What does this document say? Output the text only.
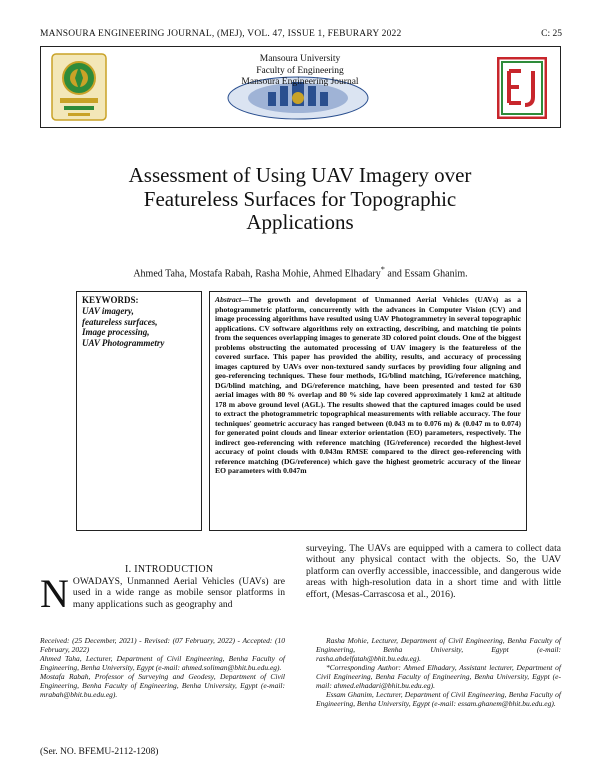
MANSOURA ENGINEERING JOURNAL, (MEJ), VOL. 47, ISSUE 1, FEBURARY 2022	C: 25
Mansoura University
Faculty of Engineering
Mansoura Engineering Journal
Assessment of Using UAV Imagery over
Featureless Surfaces for Topographic
Applications
Ahmed Taha, Mostafa Rabah, Rasha Mohie, Ahmed Elhadary* and Essam Ghanim.
KEYWORDS:
UAV imagery,
featureless surfaces,
Image processing,
UAV Photogrammetry
Abstract—The growth and development of Unmanned Aerial Vehicles (UAVs) as a photogrammetric platform, concurrently with the advances in Computer Vision (CV) and image processing algorithms have resulted using UAV Photogrammetry in several topographic applications. CV software algorithms rely on extracting, describing, and matching tie points from the sequences overlapping images to generate 3D colored point clouds. One of the biggest problems obstructing the automated processing of UAV imagery is the featureless of the covered surface. This paper has provided the ability, results, and accuracy of processing images captured by UAVs over non-textured sandy surfaces by providing four aligning and geo-referencing techniques. These four methods, IG/blind matching, IG/reference matching, DG/blind matching, and DG/reference matching, have been presented and tested for 630 aerial images with 80 % overlap and 80 % side lap covered approximately 1 km2 at altitude 178 m above ground level (AGL). The results showed that the captured images could be used to extract the photogrammetric topographical measurements with reliable accuracy. The four techniques' geometric accuracy has ranged between (0.043 m to 0.076 m) & (0.047 m to 0.074) for generated point clouds and linear exterior orientation (EO) parameters, respectively. The indirect geo-referencing with reference matching (IG/reference) recorded the highest-level accuracy of point clouds with 0.043m RMSE compared to the direct geo-referencing with reference matching (DG/reference) which gave the highest geometric accuracy of the linear EO parameters with 0.047m
I. INTRODUCTION
NOWADAYS, Unmanned Aerial Vehicles (UAVs) are used in a wide range as mobile sensor platforms in many applications such as geography and
surveying. The UAVs are equipped with a camera to collect data without any physical contact with the objects. So, the UAV platform can overfly accessible, inaccessible, and dangerous wide areas with high-resolution data in a short time and with little effort, (Mesas-Carrascosa et al., 2016).

Received: (25 December, 2021) - Revised: (07 February, 2022) - Accepted: (10 February, 2022)

Ahmed Taha, Lecturer, Department of Civil Engineering, Benha Faculty of Engineering, Benha University, Egypt (e-mail: ahmed.soliman@bhit.bu.edu.eg).

Mostafa Rabah, Professor of Surveying and Geodesy, Department of Civil Engineering, Benha Faculty of Engineering, Benha University, Egypt (e-mail: mrabah@bhit.bu.edu.eg).

Rasha Mohie, Lecturer, Department of Civil Engineering, Benha Faculty of Engineering, Benha University, Egypt (e-mail: rasha.abdelfatah@bhit.bu.edu.eg).

*Corresponding Author: Ahmed Elhadary, Assistant lecturer, Department of Civil Engineering, Benha Faculty of Engineering, Benha University, Egypt (e-mail: ahmed.elhadari@bhit.bu.edu.eg).

Essam Ghanim, Lecturer, Department of Civil Engineering, Benha Faculty of Engineering, Benha University, Egypt (e-mail: essam.ghanem@bhit.bu.edu.eg).

(Ser. NO. BFEMU-2112-1208)
